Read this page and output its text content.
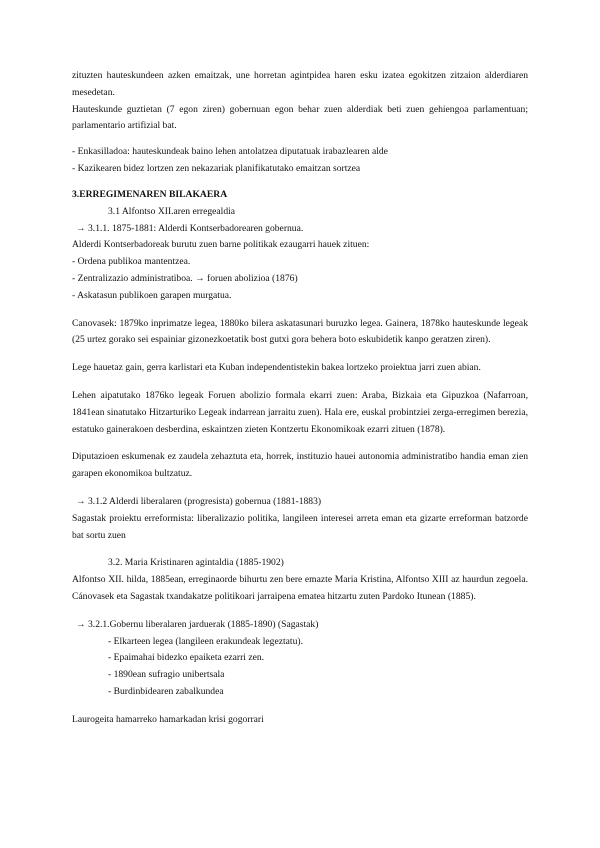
zituzten hauteskundeen azken emaitzak, une horretan agintpidea haren esku izatea egokitzen zitzaion alderdiaren mesedetan.

Hauteskunde guztietan (7 egon ziren) gobernuan egon behar zuen alderdiak beti zuen gehiengoa parlamentuan; parlamentario artifizial bat.

- Enkasilladoa: hauteskundeak baino lehen antolatzea diputatuak irabazlearen alde
- Kazikearen bidez lortzen zen nekazariak planifikatutako emaitzan sortzea

3.ERREGIMENAREN BILAKAERA

3.1 Alfontso XII.aren erregealdia

→ 3.1.1. 1875-1881: Alderdi Kontserbadorearen gobernua.

Alderdi Kontserbadoreak burutu zuen barne politikak ezaugarri hauek zituen:

- Ordena publikoa mantentzea.
- Zentralizazio administratiboa. → foruen abolizioa (1876)
- Askatasun publikoen garapen murgatua.

Canovasek: 1879ko inprimatze legea, 1880ko bilera askatasunari buruzko legea. Gainera, 1878ko hauteskunde legeak (25 urtez gorako sei espainiar gizonezkoetatik bost gutxi gora behera boto eskubidetik kanpo geratzen ziren).

Lege hauetaz gain, gerra karlistari eta Kuban independentistekin bakea lortzeko proiektua jarri zuen abian.

Lehen aipatutako 1876ko legeak Foruen abolizio formala ekarri zuen: Araba, Bizkaia eta Gipuzkoa (Nafarroan, 1841ean sinatutako Hitzarturiko Legeak indarrean jarraitu zuen). Hala ere, euskal probintziei zerga-erregimen berezia, estatuko gainerakoen desberdina, eskaintzen zieten Kontzertu Ekonomikoak ezarri zituen (1878).

Diputazioen eskumenak ez zaudela zehaztuta eta, horrek, instituzio hauei autonomia administratibo handia eman zien garapen ekonomikoa bultzatuz.

→ 3.1.2 Alderdi liberalaren (progresista) gobernua (1881-1883)

Sagastak proiektu erreformista: liberalizazio politika, langileen interesei arreta eman eta gizarte erreforman batzorde bat sortu zuen

3.2. Maria Kristinaren agintaldia (1885-1902)

Alfontso XII. hilda, 1885ean, erreginaorde bihurtu zen bere emazte Maria Kristina, Alfontso XIII az haurdun zegoela. Cánovasek eta Sagastak txandakatze politikoari jarraipena ematea hitzartu zuten Pardoko Itunean (1885).

→ 3.2.1.Gobernu liberalaren jarduerak (1885-1890) (Sagastak)

- Elkarteen legea (langileen erakundeak legeztatu).
- Epaimahai bidezko epaiketa ezarri zen.
- 1890ean sufragio unibertsala
- Burdinbidearen zabalkundea

Laurogeita hamarreko hamarkadan krisi gogorrari
